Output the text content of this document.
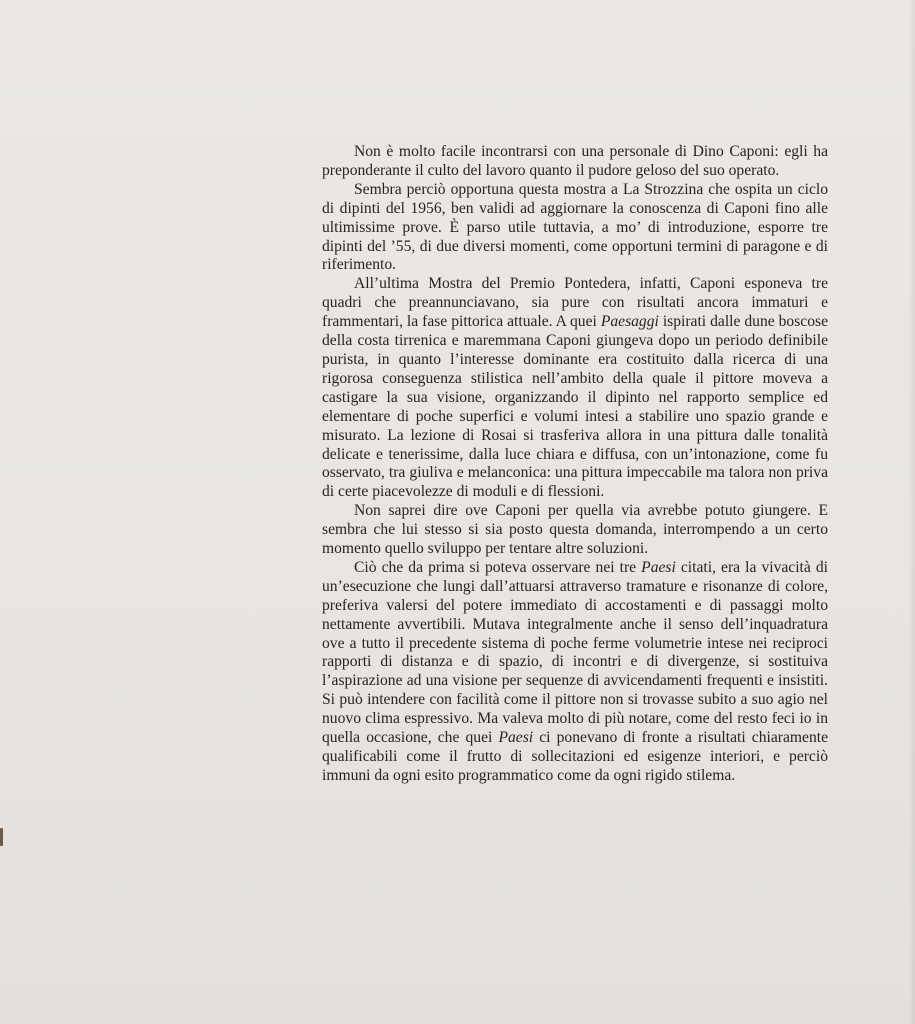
Non è molto facile incontrarsi con una personale di Dino Caponi: egli ha preponderante il culto del lavoro quanto il pudore geloso del suo operato.

Sembra perciò opportuna questa mostra a La Strozzina che ospita un ciclo di dipinti del 1956, ben validi ad aggiornare la conoscenza di Caponi fino alle ultimissime prove. È parso utile tuttavia, a mo’ di introduzione, esporre tre dipinti del ’55, di due diversi momenti, come opportuni termini di paragone e di riferimento.

All’ultima Mostra del Premio Pontedera, infatti, Caponi esponeva tre quadri che preannunciavano, sia pure con risultati ancora immaturi e frammentari, la fase pittorica attuale. A quei Paesaggi ispirati dalle dune boscose della costa tirrenica e maremmana Caponi giungeva dopo un periodo definibile purista, in quanto l’interesse dominante era costituito dalla ricerca di una rigorosa conseguenza stilistica nell’ambito della quale il pittore moveva a castigare la sua visione, organizzando il dipinto nel rapporto semplice ed elementare di poche superfici e volumi intesi a stabilire uno spazio grande e misurato. La lezione di Rosai si trasferiva allora in una pittura dalle tonalità delicate e tenerissime, dalla luce chiara e diffusa, con un’intonazione, come fu osservato, tra giuliva e melanconica: una pittura impeccabile ma talora non priva di certe piacevolezze di moduli e di flessioni.

Non saprei dire ove Caponi per quella via avrebbe potuto giungere. E sembra che lui stesso si sia posto questa domanda, interrompendo a un certo momento quello sviluppo per tentare altre soluzioni.

Ciò che da prima si poteva osservare nei tre Paesi citati, era la vivacità di un’esecuzione che lungi dall’attuarsi attraverso tramature e risonanze di colore, preferiva valersi del potere immediato di accostamenti e di passaggi molto nettamente avvertibili. Mutava integralmente anche il senso dell’inquadratura ove a tutto il precedente sistema di poche ferme volumetrie intese nei reciproci rapporti di distanza e di spazio, di incontri e di divergenze, si sostituiva l’aspirazione ad una visione per sequenze di avvicendamenti frequenti e insistiti. Si può intendere con facilità come il pittore non si trovasse subito a suo agio nel nuovo clima espressivo. Ma valeva molto di più notare, come del resto feci io in quella occasione, che quei Paesi ci ponevano di fronte a risultati chiaramente qualificabili come il frutto di sollecitazioni ed esigenze interiori, e perciò immuni da ogni esito programmatico come da ogni rigido stilema.
